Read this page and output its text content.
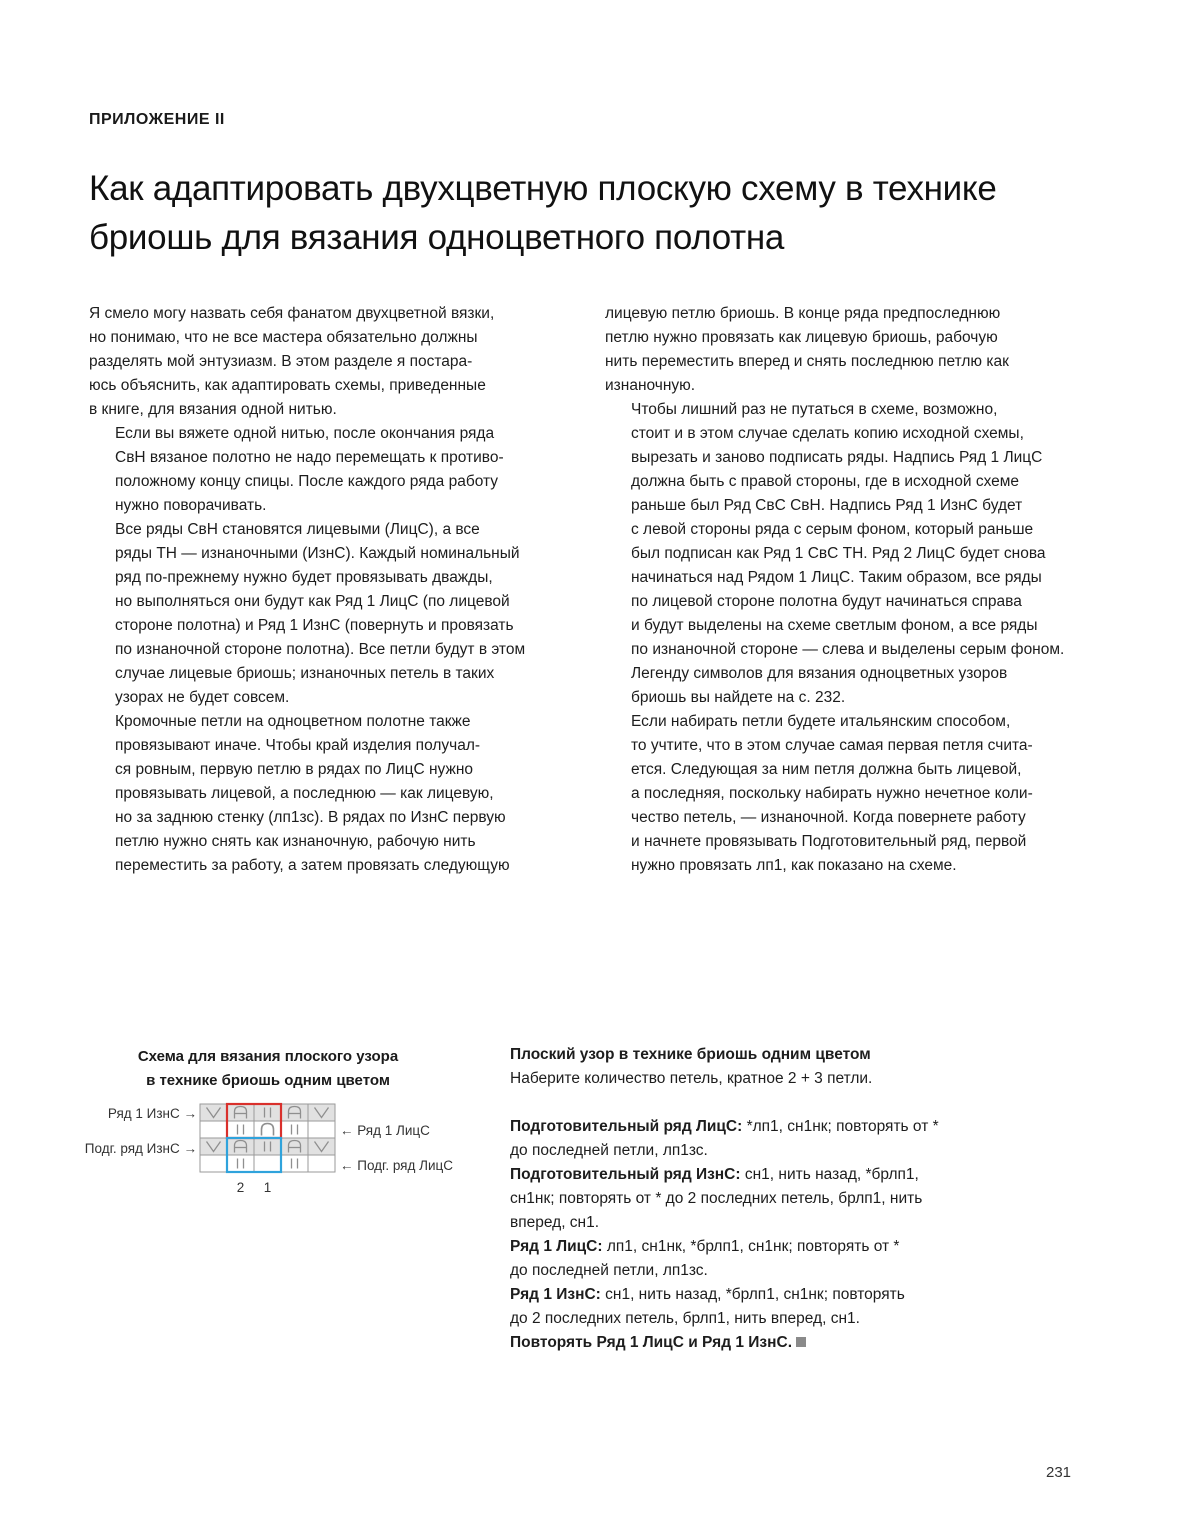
ПРИЛОЖЕНИЕ II
Как адаптировать двухцветную плоскую схему в технике
бриошь для вязания одноцветного полотна

Я смело могу назвать себя фанатом двухцветной вязки,
но понимаю, что не все мастера обязательно должны
разделять мой энтузиазм. В этом разделе я постара-
юсь объяснить, как адаптировать схемы, приведенные
в книге, для вязания одной нитью.

Если вы вяжете одной нитью, после окончания ряда
СвН вязаное полотно не надо перемещать к противо-
положному концу спицы. После каждого ряда работу
нужно поворачивать.

Все ряды СвН становятся лицевыми (ЛицС), а все
ряды ТН — изнаночными (ИзнС). Каждый номинальный
ряд по-прежнему нужно будет провязывать дважды,
но выполняться они будут как Ряд 1 ЛицС (по лицевой
стороне полотна) и Ряд 1 ИзнС (повернуть и провязать
по изнаночной стороне полотна). Все петли будут в этом
случае лицевые бриошь; изнаночных петель в таких
узорах не будет совсем.

Кромочные петли на одноцветном полотне также
провязывают иначе. Чтобы край изделия получал-
ся ровным, первую петлю в рядах по ЛицС нужно
провязывать лицевой, а последнюю — как лицевую,
но за заднюю стенку (лп1зс). В рядах по ИзнС первую
петлю нужно снять как изнаночную, рабочую нить
переместить за работу, а затем провязать следующую

лицевую петлю бриошь. В конце ряда предпоследнюю
петлю нужно провязать как лицевую бриошь, рабочую
нить переместить вперед и снять последнюю петлю как
изнаночную.

Чтобы лишний раз не путаться в схеме, возможно,
стоит и в этом случае сделать копию исходной схемы,
вырезать и заново подписать ряды. Надпись Ряд 1 ЛицС
должна быть с правой стороны, где в исходной схеме
раньше был Ряд СвС СвН. Надпись Ряд 1 ИзнС будет
с левой стороны ряда с серым фоном, который раньше
был подписан как Ряд 1 СвС ТН. Ряд 2 ЛицС будет снова
начинаться над Рядом 1 ЛицС. Таким образом, все ряды
по лицевой стороне полотна будут начинаться справа
и будут выделены на схеме светлым фоном, а все ряды
по изнаночной стороне — слева и выделены серым фоном.

Легенду символов для вязания одноцветных узоров
бриошь вы найдете на с. 232.

Если набирать петли будете итальянским способом,
то учтите, что в этом случае самая первая петля счита-
ется. Следующая за ним петля должна быть лицевой,
а последняя, поскольку набирать нужно нечетное коли-
чество петель, — изнаночной. Когда повернете работу
и начнете провязывать Подготовительный ряд, первой
нужно провязать лп1, как показано на схеме.

Схема для вязания плоского узора
в технике бриошь одним цветом
Ряд 1 ИзнС →
← Ряд 1 ЛицС
Подг. ряд ИзнС →
← Подг. ряд ЛицС
2 1

Плоский узор в технике бриошь одним цветом

Наберите количество петель, кратное 2 + 3 петли.

Подготовительный ряд ЛицС: *лп1, сн1нк; повторять от *
до последней петли, лп1зс.

Подготовительный ряд ИзнС: сн1, нить назад, *брлп1,
сн1нк; повторять от * до 2 последних петель, брлп1, нить
вперед, сн1.

Ряд 1 ЛицС: лп1, сн1нк, *брлп1, сн1нк; повторять от *
до последней петли, лп1зс.

Ряд 1 ИзнС: сн1, нить назад, *брлп1, сн1нк; повторять
до 2 последних петель, брлп1, нить вперед, сн1.

Повторять Ряд 1 ЛицС и Ряд 1 ИзнС.

231
